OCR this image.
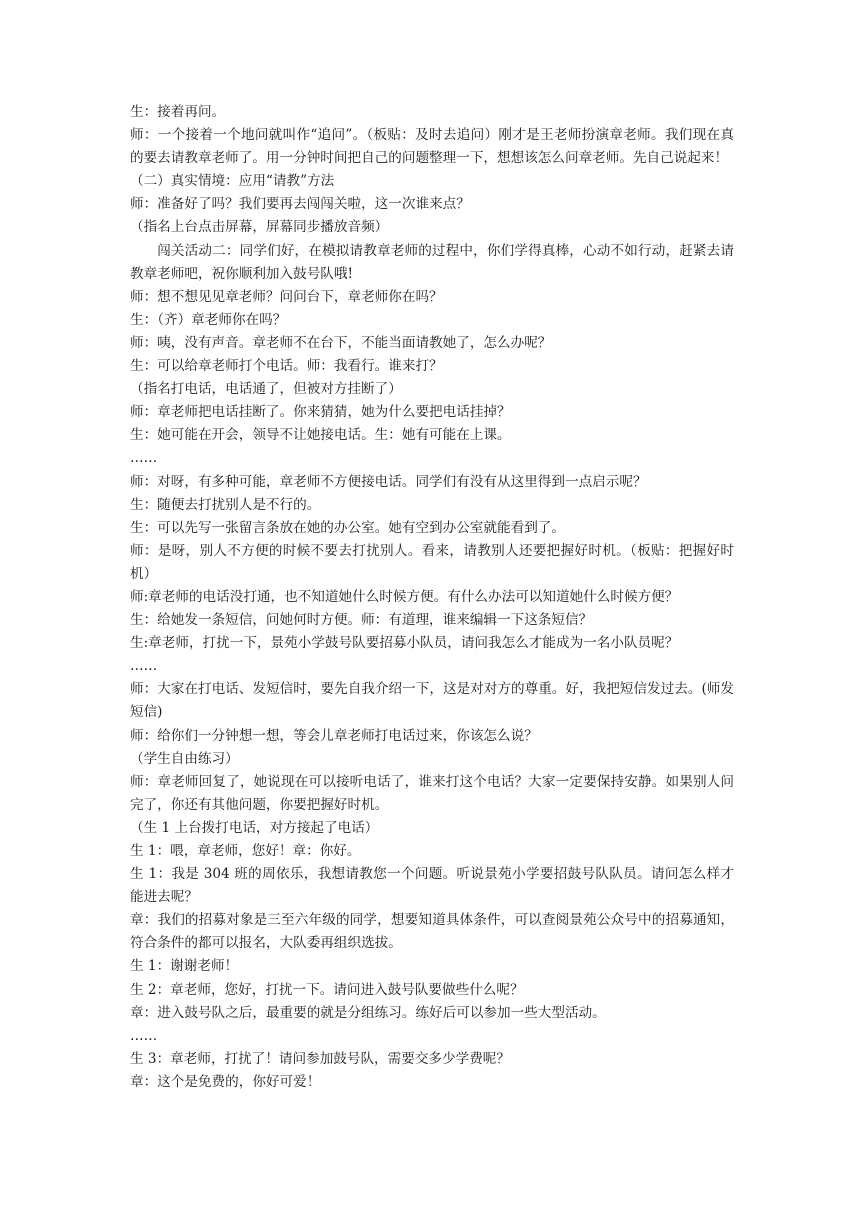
生：接着再问。

师：一个接着一个地问就叫作“追问”。（板贴：及时去追问）刚才是王老师扮演章老师。我们现在真的要去请教章老师了。用一分钟时间把自己的问题整理一下，想想该怎么问章老师。先自己说起来！

（二）真实情境：应用“请教”方法

师：准备好了吗？我们要再去闯闯关啦，这一次谁来点？

（指名上台点击屏幕，屏幕同步播放音频）

闯关活动二：同学们好，在模拟请教章老师的过程中，你们学得真棒，心动不如行动，赶紧去请教章老师吧，祝你顺利加入鼓号队哦!

师：想不想见见章老师？问问台下，章老师你在吗？

生：（齐）章老师你在吗？

师：咦，没有声音。章老师不在台下，不能当面请教她了，怎么办呢？

生：可以给章老师打个电话。师：我看行。谁来打？

（指名打电话，电话通了，但被对方挂断了）

师：章老师把电话挂断了。你来猜猜，她为什么要把电话挂掉？

生：她可能在开会，领导不让她接电话。生：她有可能在上课。

……

师：对呀，有多种可能，章老师不方便接电话。同学们有没有从这里得到一点启示呢？

生：随便去打扰别人是不行的。

生：可以先写一张留言条放在她的办公室。她有空到办公室就能看到了。

师：是呀，别人不方便的时候不要去打扰别人。看来，请教别人还要把握好时机。（板贴：把握好时机）

师:章老师的电话没打通，也不知道她什么时候方便。有什么办法可以知道她什么时候方便？

生：给她发一条短信，问她何时方便。师：有道理，谁来编辑一下这条短信？

生:章老师，打扰一下，景苑小学鼓号队要招募小队员，请问我怎么才能成为一名小队员呢？

……

师：大家在打电话、发短信时，要先自我介绍一下，这是对对方的尊重。好，我把短信发过去。(师发短信)

师：给你们一分钟想一想，等会儿章老师打电话过来，你该怎么说？

（学生自由练习）

师：章老师回复了，她说现在可以接听电话了，谁来打这个电话？大家一定要保持安静。如果别人问完了，你还有其他问题，你要把握好时机。

（生 1 上台拨打电话，对方接起了电话）

生 1：喂，章老师，您好！章：你好。

生 1：我是 304 班的周依乐，我想请教您一个问题。听说景苑小学要招鼓号队队员。请问怎么样才能进去呢？

章：我们的招募对象是三至六年级的同学，想要知道具体条件，可以查阅景苑公众号中的招募通知，符合条件的都可以报名，大队委再组织选拔。

生 1：谢谢老师！

生 2：章老师，您好，打扰一下。请问进入鼓号队要做些什么呢？

章：进入鼓号队之后，最重要的就是分组练习。练好后可以参加一些大型活动。

……

生 3：章老师，打扰了！请问参加鼓号队，需要交多少学费呢？

章：这个是免费的，你好可爱！
